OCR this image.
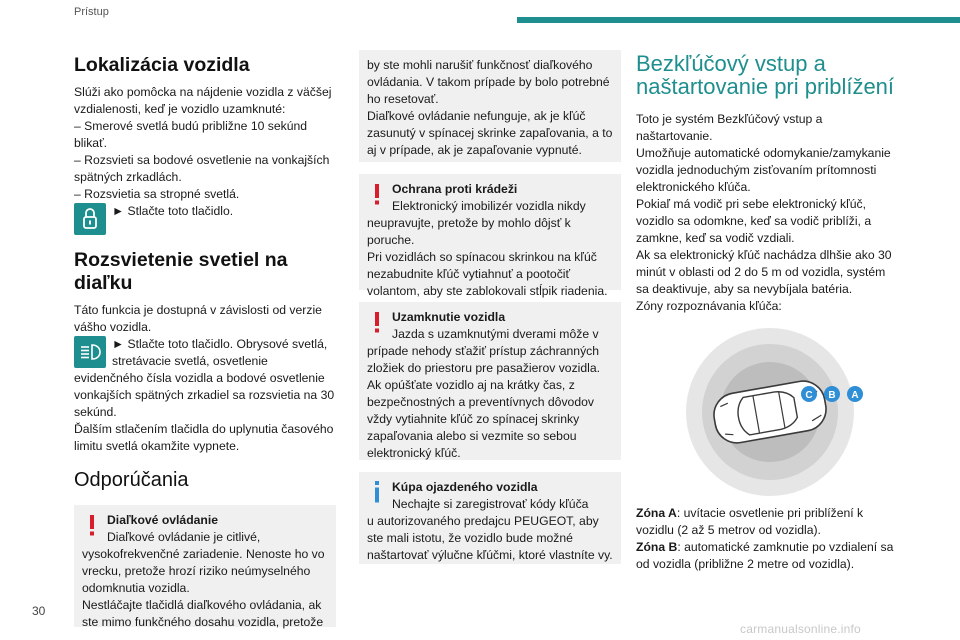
Prístup
Lokalizácia vozidla

Slúži ako pomôcka na nájdenie vozidla z väčšej vzdialenosti, keď je vozidlo uzamknuté:

– Smerové svetlá budú približne 10 sekúnd blikať.

– Rozsvieti sa bodové osvetlenie na vonkajších spätných zrkadlách.

– Rozsvietia sa stropné svetlá.

► Stlačte toto tlačidlo.

Rozsvietenie svetiel na diaľku

Táto funkcia je dostupná v závislosti od verzie vášho vozidla.

► Stlačte toto tlačidlo. Obrysové svetlá, stretávacie svetlá, osvetlenie

evidenčného čísla vozidla a bodové osvetlenie vonkajších spätných zrkadiel sa rozsvietia na 30 sekúnd.

Ďalším stlačením tlačidla do uplynutia časového limitu svetlá okamžite vypnete.

Odporúčania

Diaľkové ovládanie

Diaľkové ovládanie je citlivé,

vysokofrekvenčné zariadenie. Nenoste ho vo vrecku, pretože hrozí riziko neúmyselného odomknutia vozidla.

Nestláčajte tlačidlá diaľkového ovládania, ak ste mimo funkčného dosahu vozidla, pretože

by ste mohli narušiť funkčnosť diaľkového ovládania. V takom prípade by bolo potrebné ho resetovať.

Diaľkové ovládanie nefunguje, ak je kľúč zasunutý v spínacej skrinke zapaľovania, a to aj v prípade, ak je zapaľovanie vypnuté.

Ochrana proti krádeži

Elektronický imobilizér vozidla nikdy

neupravujte, pretože by mohlo dôjsť k poruche.

Pri vozidlách so spínacou skrinkou na kľúč nezabudnite kľúč vytiahnuť a pootočiť volantom, aby ste zablokovali stĺpik riadenia.

Uzamknutie vozidla

Jazda s uzamknutými dverami môže v

prípade nehody sťažiť prístup záchranných zložiek do priestoru pre pasažierov vozidla.

Ak opúšťate vozidlo aj na krátky čas, z bezpečnostných a preventívnych dôvodov vždy vytiahnite kľúč zo spínacej skrinky zapaľovania alebo si vezmite so sebou elektronický kľúč.

Kúpa ojazdeného vozidla

Nechajte si zaregistrovať kódy kľúča

u autorizovaného predajcu PEUGEOT, aby ste mali istotu, že vozidlo bude možné naštartovať výlučne kľúčmi, ktoré vlastníte vy.

Bezkľúčový vstup a naštartovanie pri priblížení

Toto je systém Bezkľúčový vstup a naštartovanie.

Umožňuje automatické odomykanie/zamykanie vozidla jednoduchým zisťovaním prítomnosti elektronického kľúča.

Pokiaľ má vodič pri sebe elektronický kľúč, vozidlo sa odomkne, keď sa vodič priblíži, a zamkne, keď sa vodič vzdiali.

Ak sa elektronický kľúč nachádza dlhšie ako 30 minút v oblasti od 2 do 5 m od vozidla, systém sa deaktivuje, aby sa nevybíjala batéria.

Zóny rozpoznávania kľúča:

C B A

Zóna A: uvítacie osvetlenie pri priblížení k vozidlu (2 až 5 metrov od vozidla).

Zóna B: automatické zamknutie po vzdialení sa od vozidla (približne 2 metre od vozidla).

30
carmanualsonline.info
